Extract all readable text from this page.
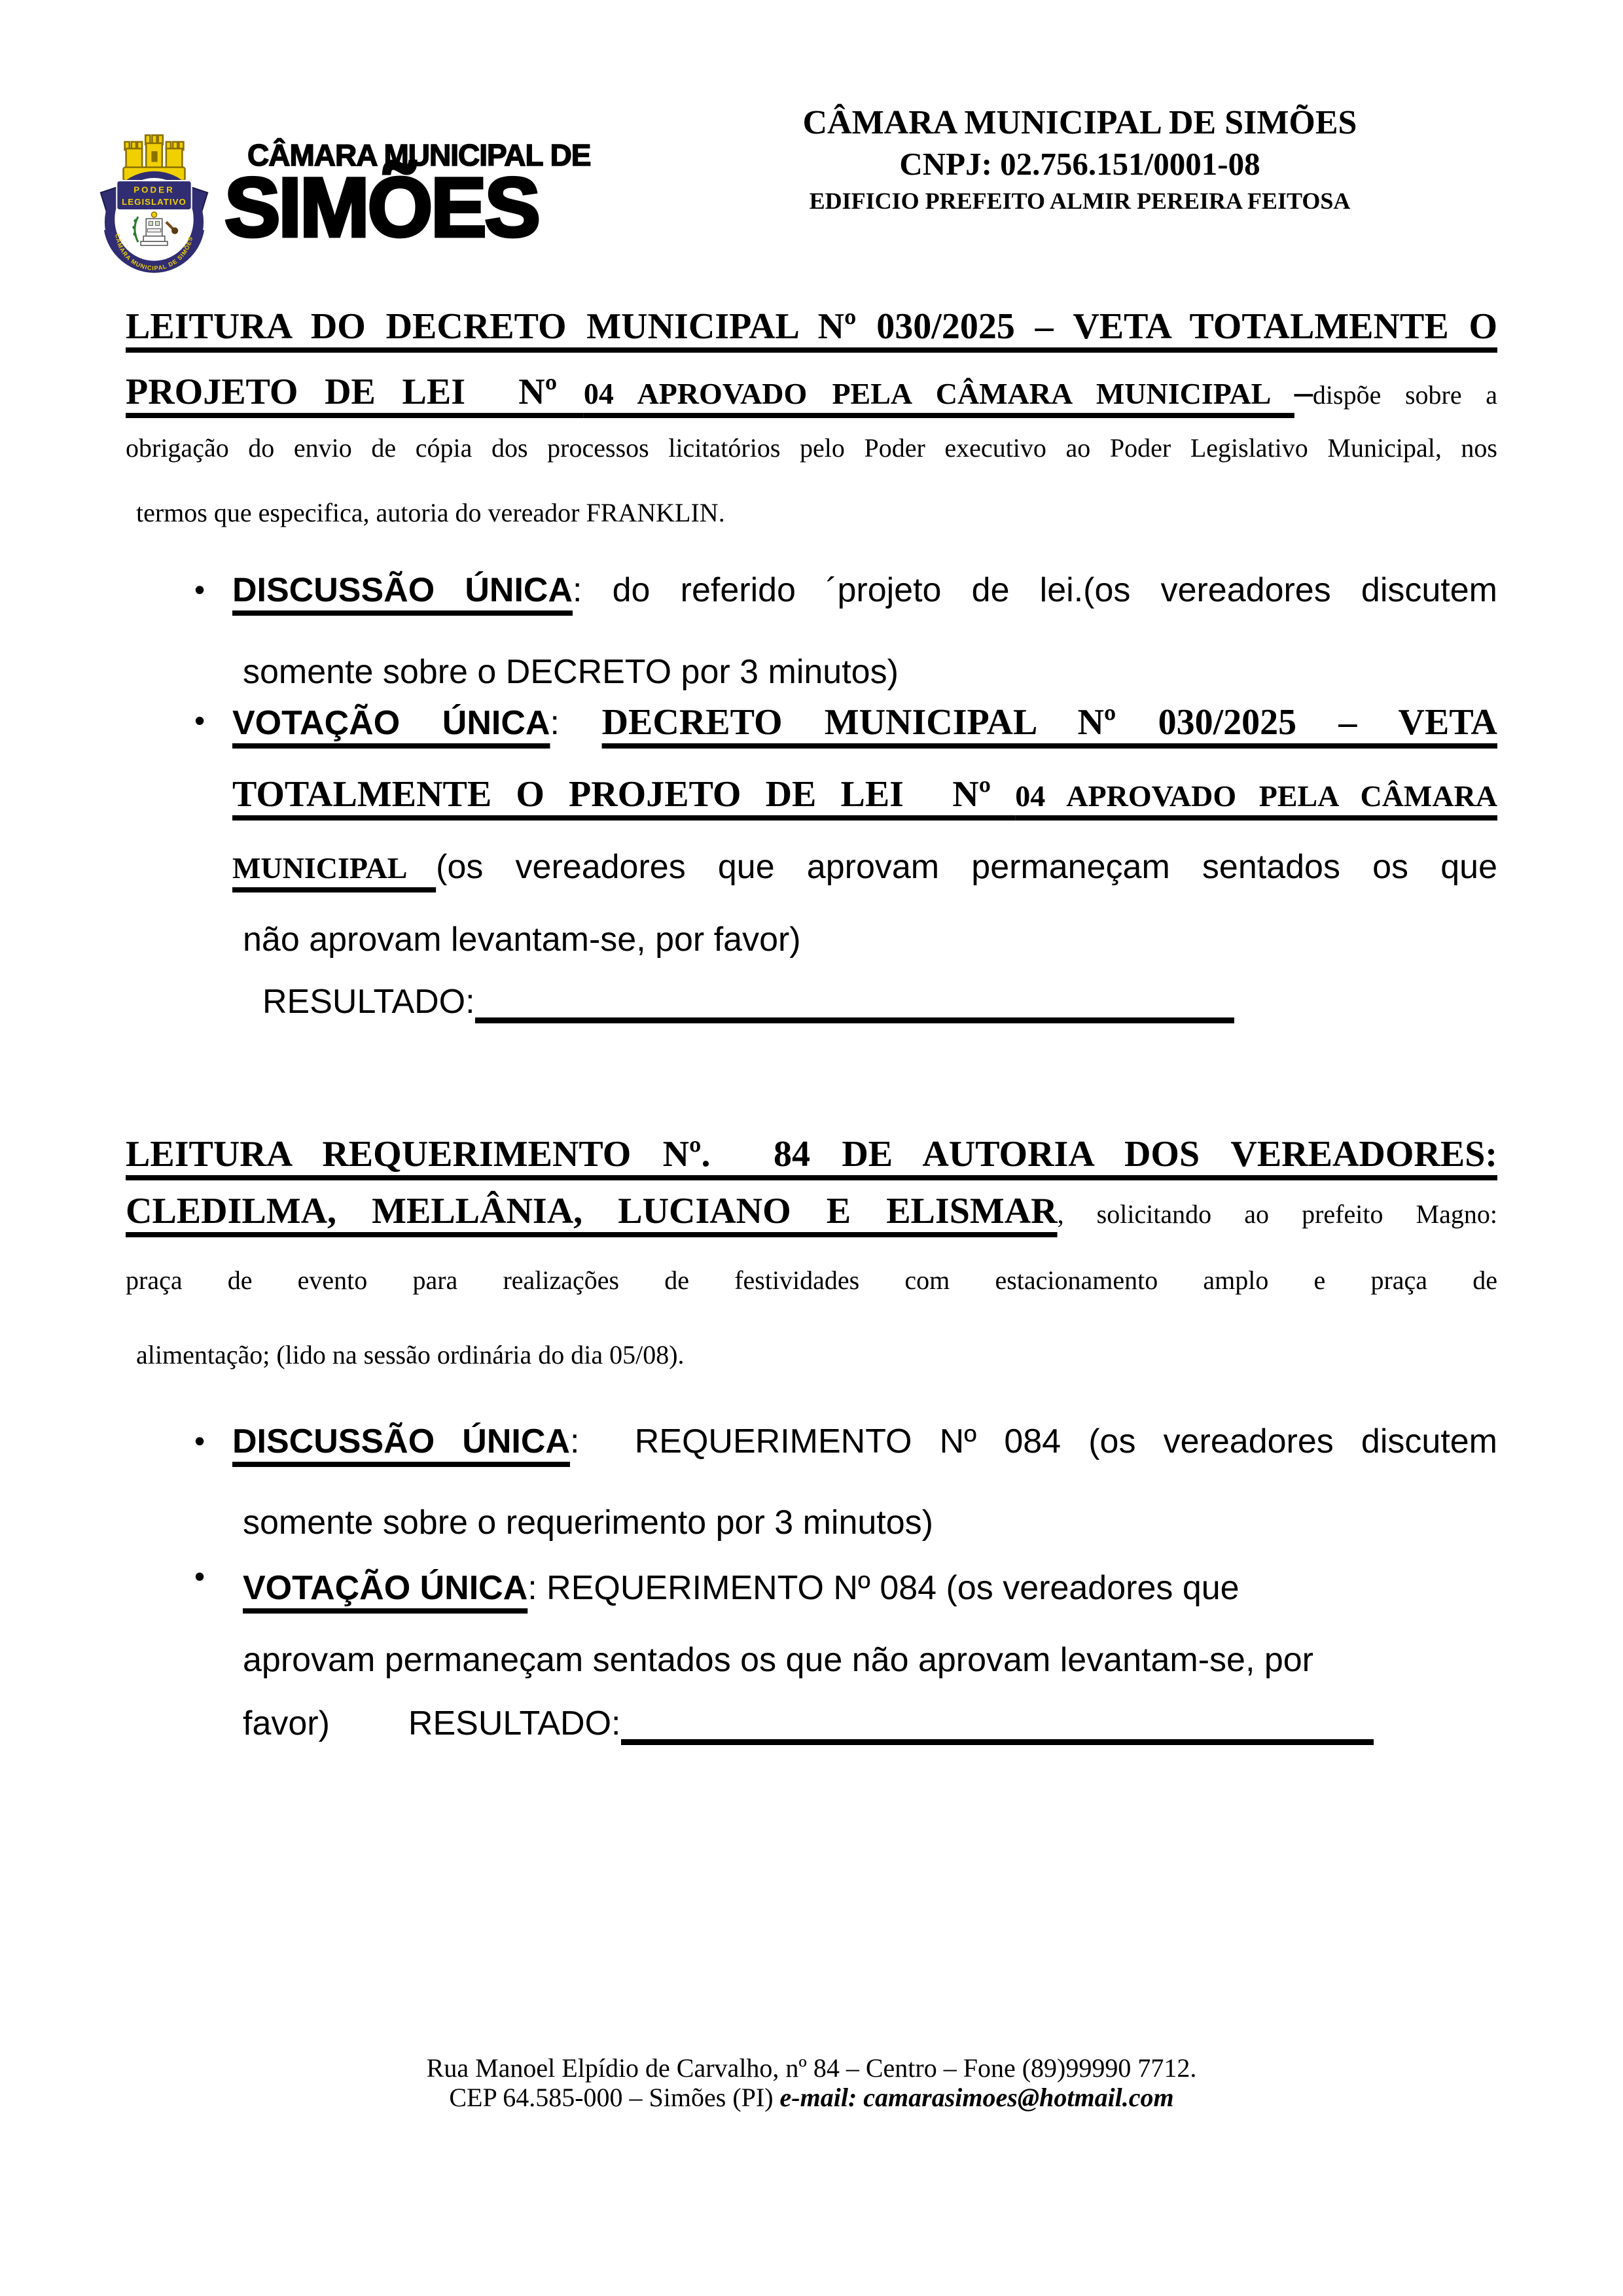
PODER
LEGISLATIVO
CÂMARA MUNICIPAL DE SIMÕES
CÂMARA MUNICIPAL DE
SIMÕES
CÂMARA MUNICIPAL DE SIMÕES
CNPJ: 02.756.151/0001-08
EDIFICIO PREFEITO ALMIR PEREIRA FEITOSA
LEITURA DO DECRETO MUNICIPAL Nº 030/2025 – VETA TOTALMENTE O
PROJETO DE LEI  Nº 04 APROVADO PELA CÂMARA MUNICIPAL –dispõe sobre a
obrigação do envio de cópia dos processos licitatórios pelo Poder executivo ao Poder Legislativo Municipal, nos

termos que especifica, autoria do vereador FRANKLIN.

• DISCUSSÃO ÚNICA: do referido ´projeto de lei.(os vereadores discutem

somente sobre o DECRETO por 3 minutos)

• VOTAÇÃO ÚNICA: DECRETO MUNICIPAL Nº 030/2025 – VETA
TOTALMENTE O PROJETO DE LEI  Nº 04 APROVADO PELA CÂMARA
MUNICIPAL (os vereadores que aprovam permaneçam sentados os que

não aprovam levantam-se, por favor)

RESULTADO:

LEITURA REQUERIMENTO Nº.  84 DE AUTORIA DOS VEREADORES:
CLEDILMA, MELLÂNIA, LUCIANO E ELISMAR, solicitando ao prefeito Magno:
praça de evento para realizações de festividades com estacionamento amplo e praça de

alimentação; (lido na sessão ordinária do dia 05/08).

• DISCUSSÃO ÚNICA:  REQUERIMENTO Nº 084 (os vereadores discutem

somente sobre o requerimento por 3 minutos)

• VOTAÇÃO ÚNICA: REQUERIMENTO Nº 084 (os vereadores que

aprovam permaneçam sentados os que não aprovam levantam-se, por

favor) RESULTADO:

Rua Manoel Elpídio de Carvalho, nº 84 – Centro – Fone (89)99990 7712.
CEP 64.585-000 – Simões (PI) e-mail: camarasimoes@hotmail.com
